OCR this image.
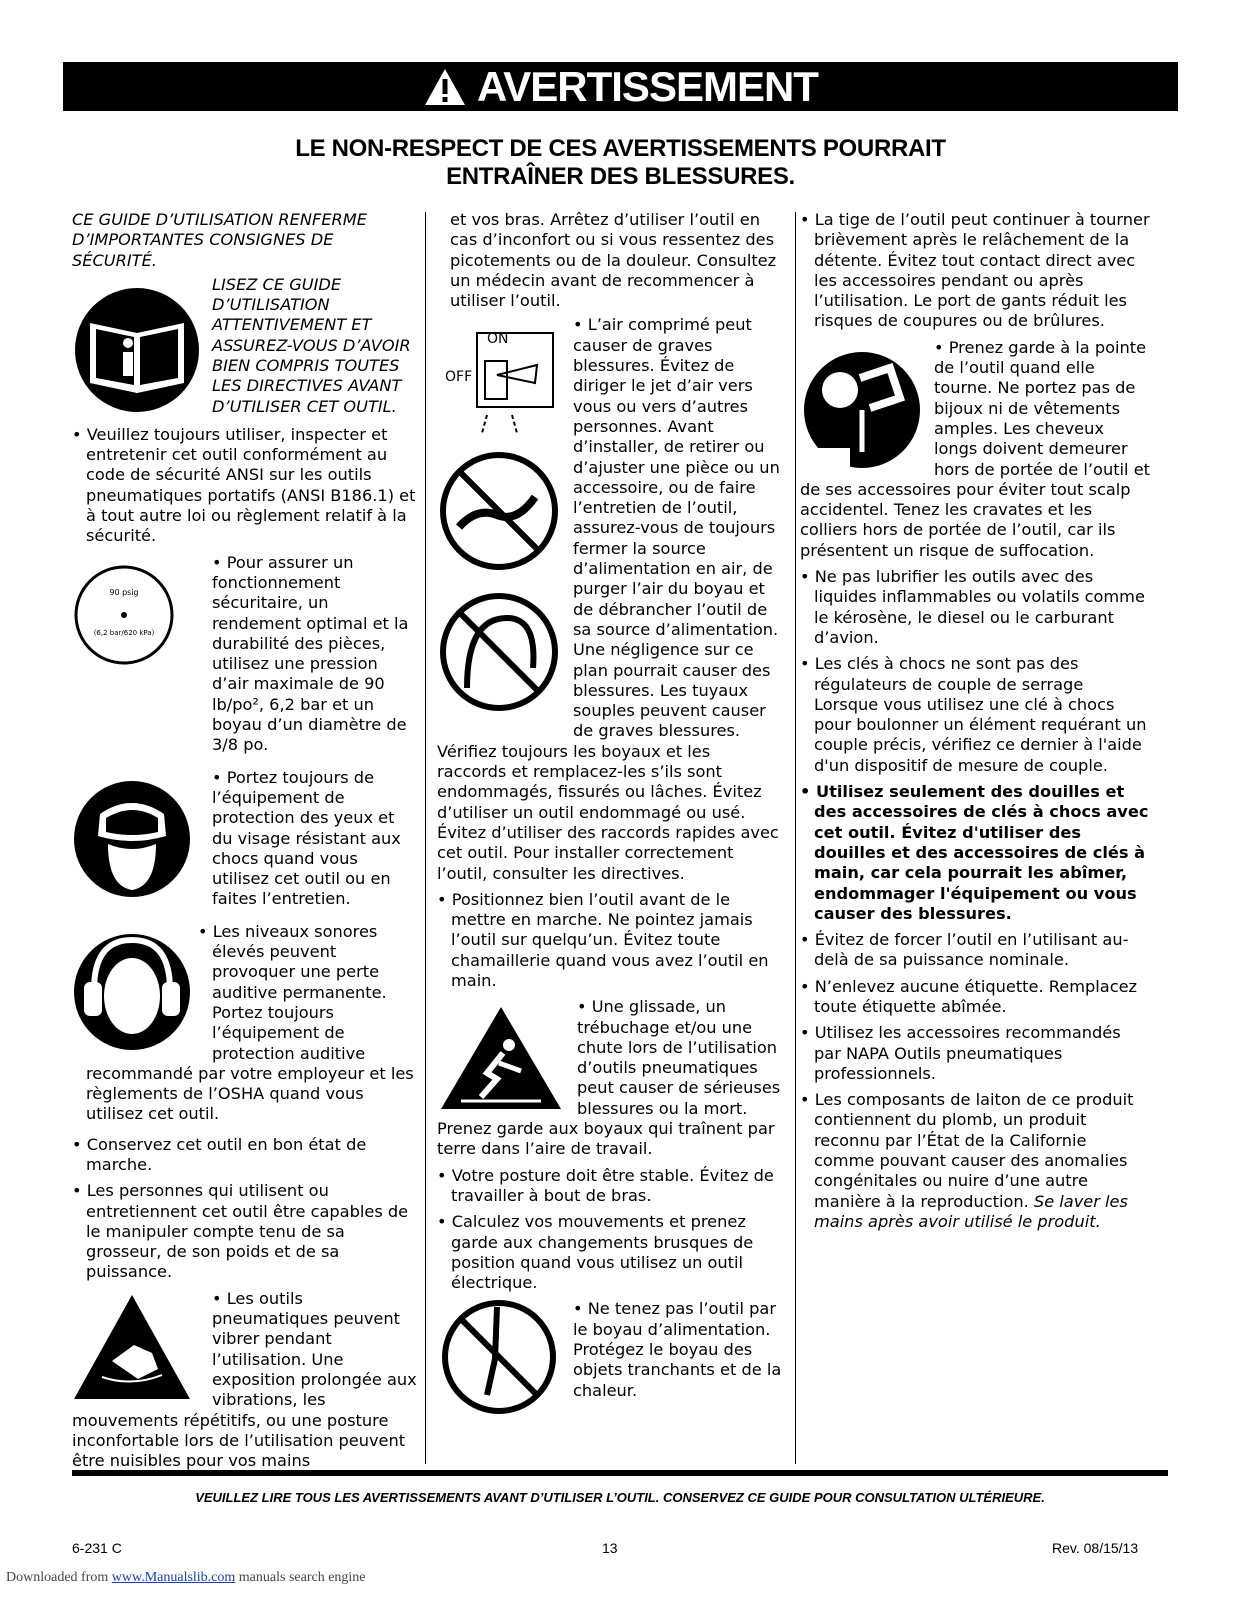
AVERTISSEMENT
LE NON-RESPECT DE CES AVERTISSEMENTS POURRAIT
ENTRAÎNER DES BLESSURES.

CE GUIDE D’UTILISATION RENFERME D’IMPORTANTES CONSIGNES DE SÉCURITÉ.

LISEZ CE GUIDE D’UTILISATION ATTENTIVEMENT ET ASSUREZ-VOUS D’AVOIR BIEN COMPRIS TOUTES LES DIRECTIVES AVANT D’UTILISER CET OUTIL.

• Veuillez toujours utiliser, inspecter et entretenir cet outil conformément au code de sécurité ANSI sur les outils pneumatiques portatifs (ANSI B186.1) et à tout autre loi ou règlement relatif à la sécurité.

90 psig
(6,2 bar/620 kPa)

• Pour assurer un fonctionnement sécuritaire, un rendement optimal et la durabilité des pièces, utilisez une pression d’air maximale de 90 lb/po², 6,2 bar et un boyau d’un diamètre de 3/8 po.

• Portez toujours de l’équipement de protection des yeux et du visage résistant aux chocs quand vous utilisez cet outil ou en faites l’entretien.

• Les niveaux sonores élevés peuvent provoquer une perte auditive permanente. Portez toujours l’équipement de protection auditive recommandé par votre employeur et les règlements de l’OSHA quand vous utilisez cet outil.

• Conservez cet outil en bon état de marche.

• Les personnes qui utilisent ou entretiennent cet outil être capables de le manipuler compte tenu de sa grosseur, de son poids et de sa puissance.

• Les outils pneumatiques peuvent vibrer pendant l’utilisation. Une exposition prolongée aux vibrations, les mouvements répétitifs, ou une posture inconfortable lors de l’utilisation peuvent être nuisibles pour vos mains

et vos bras. Arrêtez d’utiliser l’outil en cas d’inconfort ou si vous ressentez des picotements ou de la douleur. Consultez un médecin avant de recommencer à utiliser l’outil.

ON
OFF

• L’air comprimé peut causer de graves blessures. Évitez de diriger le jet d’air vers vous ou vers d’autres personnes. Avant d’installer, de retirer ou d’ajuster une pièce ou un accessoire, ou de faire l’entretien de l’outil, assurez-vous de toujours fermer la source d’alimentation en air, de purger l’air du boyau et de débrancher l’outil de sa source d’alimentation. Une négligence sur ce plan pourrait causer des blessures. Les tuyaux souples peuvent causer de graves blessures. Vérifiez toujours les boyaux et les raccords et remplacez-les s’ils sont endommagés, fissurés ou lâches. Évitez d’utiliser un outil endommagé ou usé. Évitez d’utiliser des raccords rapides avec cet outil. Pour installer correctement l’outil, consulter les directives.

• Positionnez bien l’outil avant de le mettre en marche. Ne pointez jamais l’outil sur quelqu’un. Évitez toute chamaillerie quand vous avez l’outil en main.

• Une glissade, un trébuchage et/ou une chute lors de l’utilisation d’outils pneumatiques peut causer de sérieuses blessures ou la mort. Prenez garde aux boyaux qui traînent par terre dans l’aire de travail.

• Votre posture doit être stable. Évitez de travailler à bout de bras.

• Calculez vos mouvements et prenez garde aux changements brusques de position quand vous utilisez un outil électrique.

• Ne tenez pas l’outil par le boyau d’alimentation. Protégez le boyau des objets tranchants et de la chaleur.

• La tige de l’outil peut continuer à tourner brièvement après le relâchement de la détente. Évitez tout contact direct avec les accessoires pendant ou après l’utilisation. Le port de gants réduit les risques de coupures ou de brûlures.

• Prenez garde à la pointe de l’outil quand elle tourne. Ne portez pas de bijoux ni de vêtements amples. Les cheveux longs doivent demeurer hors de portée de l’outil et de ses accessoires pour éviter tout scalp accidentel. Tenez les cravates et les colliers hors de portée de l’outil, car ils présentent un risque de suffocation.

• Ne pas lubrifier les outils avec des liquides inflammables ou volatils comme le kérosène, le diesel ou le carburant d’avion.

• Les clés à chocs ne sont pas des régulateurs de couple de serrage Lorsque vous utilisez une clé à chocs pour boulonner un élément requérant un couple précis, vérifiez ce dernier à l'aide d'un dispositif de mesure de couple.

• Utilisez seulement des douilles et des accessoires de clés à chocs avec cet outil. Évitez d'utiliser des douilles et des accessoires de clés à main, car cela pourrait les abîmer, endommager l'équipement ou vous causer des blessures.

• Évitez de forcer l’outil en l’utilisant au-delà de sa puissance nominale.

• N’enlevez aucune étiquette. Remplacez toute étiquette abîmée.

• Utilisez les accessoires recommandés par NAPA Outils pneumatiques professionnels.

• Les composants de laiton de ce produit contiennent du plomb, un produit reconnu par l’État de la Californie comme pouvant causer des anomalies congénitales ou nuire d’une autre manière à la reproduction. Se laver les mains après avoir utilisé le produit.

VEUILLEZ LIRE TOUS LES AVERTISSEMENTS AVANT D’UTILISER L’OUTIL. CONSERVEZ CE GUIDE POUR CONSULTATION ULTÉRIEURE.
6-231 C	13	Rev. 08/15/13
Downloaded from www.Manualslib.com manuals search engine
